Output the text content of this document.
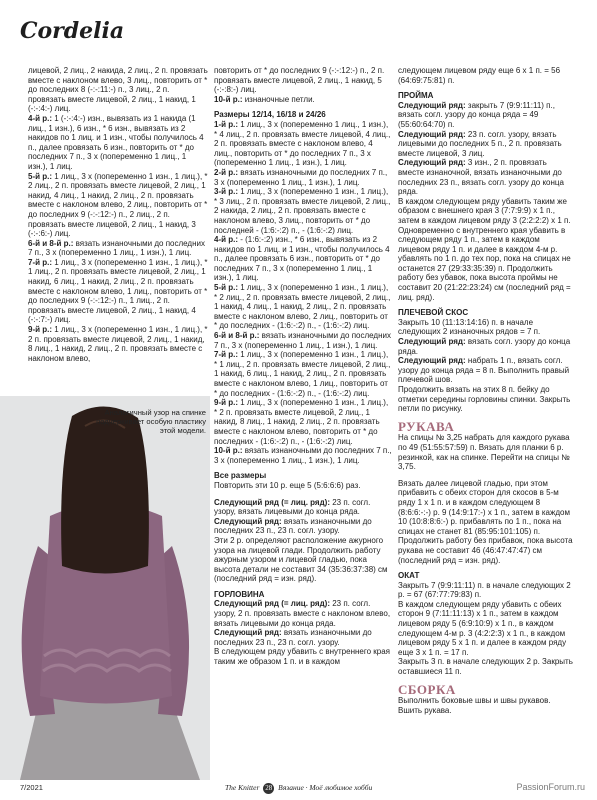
Cordelia

лицевой, 2 лиц., 2 накида, 2 лиц., 2 п. провязать вместе с наклоном влево, 3 лиц., повторить от * до последних 8 (-:-:11:-) п., 3 лиц., 2 п. провязать вместе лицевой, 2 лиц., 1 накид, 1 (-:-:4:-) лиц.

4-й р.: 1 (-:-:4:-) изн., вывязать из 1 накида (1 лиц., 1 изн.), 6 изн., * 6 изн., вывязать из 2 накидов по 1 лиц. и 1 изн., чтобы получилось 4 п., далее провязать 6 изн., повторить от * до последних 7 п., 3 х (попеременно 1 лиц., 1 изн.), 1 лиц.

5-й р.: 1 лиц., 3 х (попеременно 1 изн., 1 лиц.), * 2 лиц., 2 п. провязать вместе лицевой, 2 лиц., 1 накид, 4 лиц., 1 накид, 2 лиц., 2 п. провязать вместе с наклоном влево, 2 лиц., повторить от * до последних 9 (-:-:12:-) п., 2 лиц., 2 п. провязать вместе лицевой, 2 лиц., 1 накид, 3 (-:-:6:-) лиц.

6-й и 8-й р.: вязать изнаночными до последних 7 п., 3 х (попеременно 1 лиц., 1 изн.), 1 лиц.

7-й р.: 1 лиц., 3 х (попеременно 1 изн., 1 лиц.), * 1 лиц., 2 п. провязать вместе лицевой, 2 лиц., 1 накид, 6 лиц., 1 накид, 2 лиц., 2 п. провязать вместе с наклоном влево, 1 лиц., повторить от * до последних 9 (-:-:12:-) п., 1 лиц., 2 п. провязать вместе лицевой, 2 лиц., 1 накид, 4 (-:-:7:-) лиц.

9-й р.: 1 лиц., 3 х (попеременно 1 изн., 1 лиц.), * 2 п. провязать вместе лицевой, 2 лиц., 1 накид, 8 лиц., 1 накид, 2 лиц., 2 п. провязать вместе с наклоном влево,

повторить от * до последних 9 (-:-:12:-) п., 2 п. провязать вместе лицевой, 2 лиц., 1 накид, 5 (-:-:8:-) лиц.

10-й р.: изнаночные петли.

Размеры 12/14, 16/18 и 24/26

1-й р.: 1 лиц., 3 х (попеременно 1 лиц., 1 изн.), * 4 лиц., 2 п. провязать вместе лицевой, 4 лиц., 2 п. провязать вместе с наклоном влево, 4 лиц., повторить от * до последних 7 п., 3 х (попеременно 1 лиц., 1 изн.), 1 лиц.

2-й р.: вязать изнаночными до последних 7 п., 3 х (попеременно 1 лиц., 1 изн.), 1 лиц.

3-й р.: 1 лиц., 3 х (попеременно 1 изн., 1 лиц.), * 3 лиц., 2 п. провязать вместе лицевой, 2 лиц., 2 накида, 2 лиц., 2 п. провязать вместе с наклоном влево, 3 лиц., повторить от * до последней - (1:6:-:2) п., - (1:6:-:2) лиц.

4-й р.: - (1:6:-:2) изн., * 6 изн., вывязать из 2 накидов по 1 лиц. и 1 изн., чтобы получилось 4 п., далее провязать 6 изн., повторить от * до последних 7 п., 3 х (попеременно 1 лиц., 1 изн.), 1 лиц.

5-й р.: 1 лиц., 3 х (попеременно 1 изн., 1 лиц.), * 2 лиц., 2 п. провязать вместе лицевой, 2 лиц., 1 накид, 4 лиц., 1 накид, 2 лиц., 2 п. провязать вместе с наклоном влево, 2 лиц., повторить от * до последних - (1:6:-:2) п., - (1:6:-:2) лиц.

6-й и 8-й р.: вязать изнаночными до последних 7 п., 3 х (попеременно 1 лиц., 1 изн.), 1 лиц.

7-й р.: 1 лиц., 3 х (попеременно 1 изн., 1 лиц.), * 1 лиц., 2 п. провязать вместе лицевой, 2 лиц., 1 накид, 6 лиц., 1 накид, 2 лиц., 2 п. провязать вместе с наклоном влево, 1 лиц., повторить от * до последних - (1:6:-:2) п., - (1:6:-:2) лиц.

9-й р.: 1 лиц., 3 х (попеременно 1 изн., 1 лиц.), * 2 п. провязать вместе лицевой, 2 лиц., 1 накид, 8 лиц., 1 накид, 2 лиц., 2 п. провязать вместе с наклоном влево, повторить от * до последних - (1:6:-:2) п., - (1:6:-:2) лиц.

10-й р.: вязать изнаночными до последних 7 п., 3 х (попеременно 1 лиц., 1 изн.), 1 лиц.

Все размеры

Повторить эти 10 р. еще 5 (5:6:6:6) раз.

Следующий ряд (= лиц. ряд): 23 п. согл. узору, вязать лицевыми до конца ряда.

Следующий ряд: вязать изнаночными до последних 23 п., 23 п. согл. узору.

Эти 2 р. определяют расположение ажурного узора на лицевой глади. Продолжить работу ажурным узором и лицевой гладью, пока высота детали не составит 34 (35:36:37:38) см (последний ряд = изн. ряд).

ГОРЛОВИНА

Следующий ряд (= лиц. ряд): 23 п. согл. узору, 2 п. провязать вместе с наклоном влево, вязать лицевыми до конца ряда.

Следующий ряд: вязать изнаночными до последних 23 п., 23 п. согл. узору.

В следующем ряду убавить с внутреннего края таким же образом 1 п. и в каждом

следующем лицевом ряду еще 6 х 1 п. = 56 (64:69:75:81) п.

ПРОЙМА

Следующий ряд: закрыть 7 (9:9:11:11) п., вязать согл. узору до конца ряда = 49 (55:60:64:70) п.

Следующий ряд: 23 п. согл. узору, вязать лицевыми до последних 5 п., 2 п. провязать вместе лицевой, 3 лиц.

Следующий ряд: 3 изн., 2 п. провязать вместе изнаночной, вязать изнаночными до последних 23 п., вязать согл. узору до конца ряда.

В каждом следующем ряду убавить таким же образом с внешнего края 3 (7:7:9:9) х 1 п., затем в каждом лицевом ряду 3 (2:2:2:2) х 1 п. Одновременно с внутреннего края убавить в следующем ряду 1 п., затем в каждом лицевом ряду 1 п. и далее в каждом 4-м р. убавлять по 1 п. до тех пор, пока на спицах не останется 27 (29:33:35:39) п. Продолжить работу без убавок, пока высота проймы не составит 20 (21:22:23:24) см (последний ряд = лиц. ряд).

ПЛЕЧЕВОЙ СКОС

Закрыть 10 (11:13:14:16) п. в начале следующих 2 изнаночных рядов = 7 п.

Следующий ряд: вязать согл. узору до конца ряда.

Следующий ряд: набрать 1 п., вязать согл. узору до конца ряда = 8 п. Выполнить правый плечевой шов.

Продолжить вязать на этих 8 п. бейку до отметки середины горловины спинки. Закрыть петли по рисунку.

РУКАВА

На спицы № 3,25 набрать для каждого рукава по 49 (51:55:57:59) п. Вязать для планки 6 р. резинкой, как на спинке. Перейти на спицы № 3,75.

Вязать далее лицевой гладью, при этом прибавить с обеих сторон для скосов в 5-м ряду 1 х 1 п. и в каждом следующем 8 (8:6:6:-:-) р. 9 (14:9:17:-) х 1 п., затем в каждом 10 (10:8:8:6:-) р. прибавлять по 1 п., пока на спицах не станет 81 (85:95:101:105) п.

Продолжить работу без прибавок, пока высота рукава не составит 46 (46:47:47:47) см (последний ряд = изн. ряд).

ОКАТ

Закрыть 7 (9:9:11:11) п. в начале следующих 2 р. = 67 (67:77:79:83) п.

В каждом следующем ряду убавить с обеих сторон 9 (7:11:11:13) х 1 п., затем в каждом лицевом ряду 5 (6:9:10:9) х 1 п., в каждом следующем 4-м р. 3 (4:2:2:3) х 1 п., в каждом лицевом ряду 5 х 1 п. и далее в каждом ряду еще 3 х 1 п. = 17 п.

Закрыть 3 п. в начале следующих 2 р. Закрыть оставшиеся 11 п.

СБОРКА

Выполнить боковые швы и швы рукавов. Вшить рукава.

Аналогичный узор на спинке подчеркивает особую пластику этой модели.
7/2021	The Knitter 28 Вязание · Моё любимое хобби	PassionForum.ru
